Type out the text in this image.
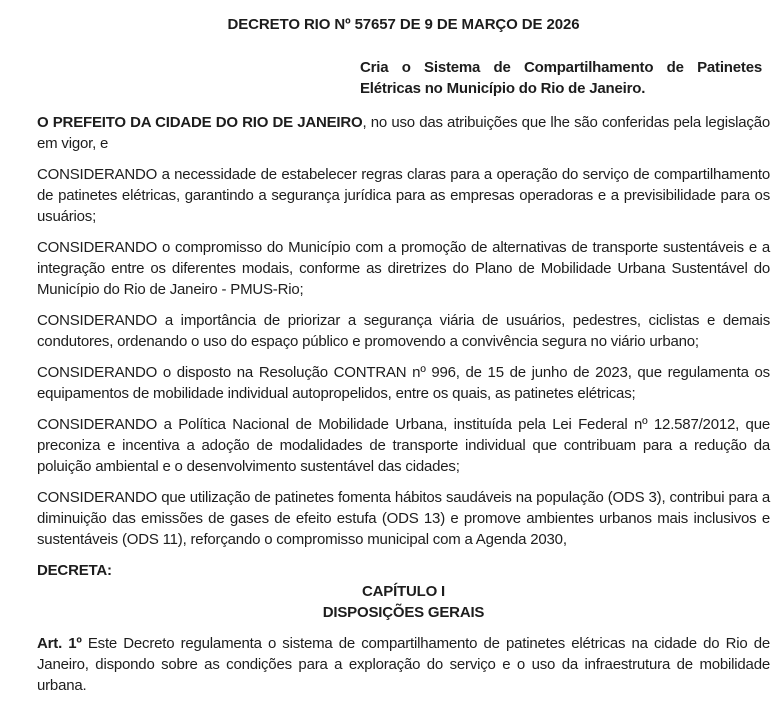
DECRETO RIO Nº 57657 DE 9 DE MARÇO DE 2026
Cria o Sistema de Compartilhamento de Patinetes Elétricas no Município do Rio de Janeiro.

O PREFEITO DA CIDADE DO RIO DE JANEIRO, no uso das atribuições que lhe são conferidas pela legislação em vigor, e

CONSIDERANDO a necessidade de estabelecer regras claras para a operação do serviço de compartilhamento de patinetes elétricas, garantindo a segurança jurídica para as empresas operadoras e a previsibilidade para os usuários;

CONSIDERANDO o compromisso do Município com a promoção de alternativas de transporte sustentáveis e a integração entre os diferentes modais, conforme as diretrizes do Plano de Mobilidade Urbana Sustentável do Município do Rio de Janeiro - PMUS-Rio;

CONSIDERANDO a importância de priorizar a segurança viária de usuários, pedestres, ciclistas e demais condutores, ordenando o uso do espaço público e promovendo a convivência segura no viário urbano;

CONSIDERANDO o disposto na Resolução CONTRAN nº 996, de 15 de junho de 2023, que regulamenta os equipamentos de mobilidade individual autopropelidos, entre os quais, as patinetes elétricas;

CONSIDERANDO a Política Nacional de Mobilidade Urbana, instituída pela Lei Federal nº 12.587/2012, que preconiza e incentiva a adoção de modalidades de transporte individual que contribuam para a redução da poluição ambiental e o desenvolvimento sustentável das cidades;

CONSIDERANDO que utilização de patinetes fomenta hábitos saudáveis na população (ODS 3), contribui para a diminuição das emissões de gases de efeito estufa (ODS 13) e promove ambientes urbanos mais inclusivos e sustentáveis (ODS 11), reforçando o compromisso municipal com a Agenda 2030,

DECRETA:

CAPÍTULO I
DISPOSIÇÕES GERAIS

Art. 1º Este Decreto regulamenta o sistema de compartilhamento de patinetes elétricas na cidade do Rio de Janeiro, dispondo sobre as condições para a exploração do serviço e o uso da infraestrutura de mobilidade urbana.
